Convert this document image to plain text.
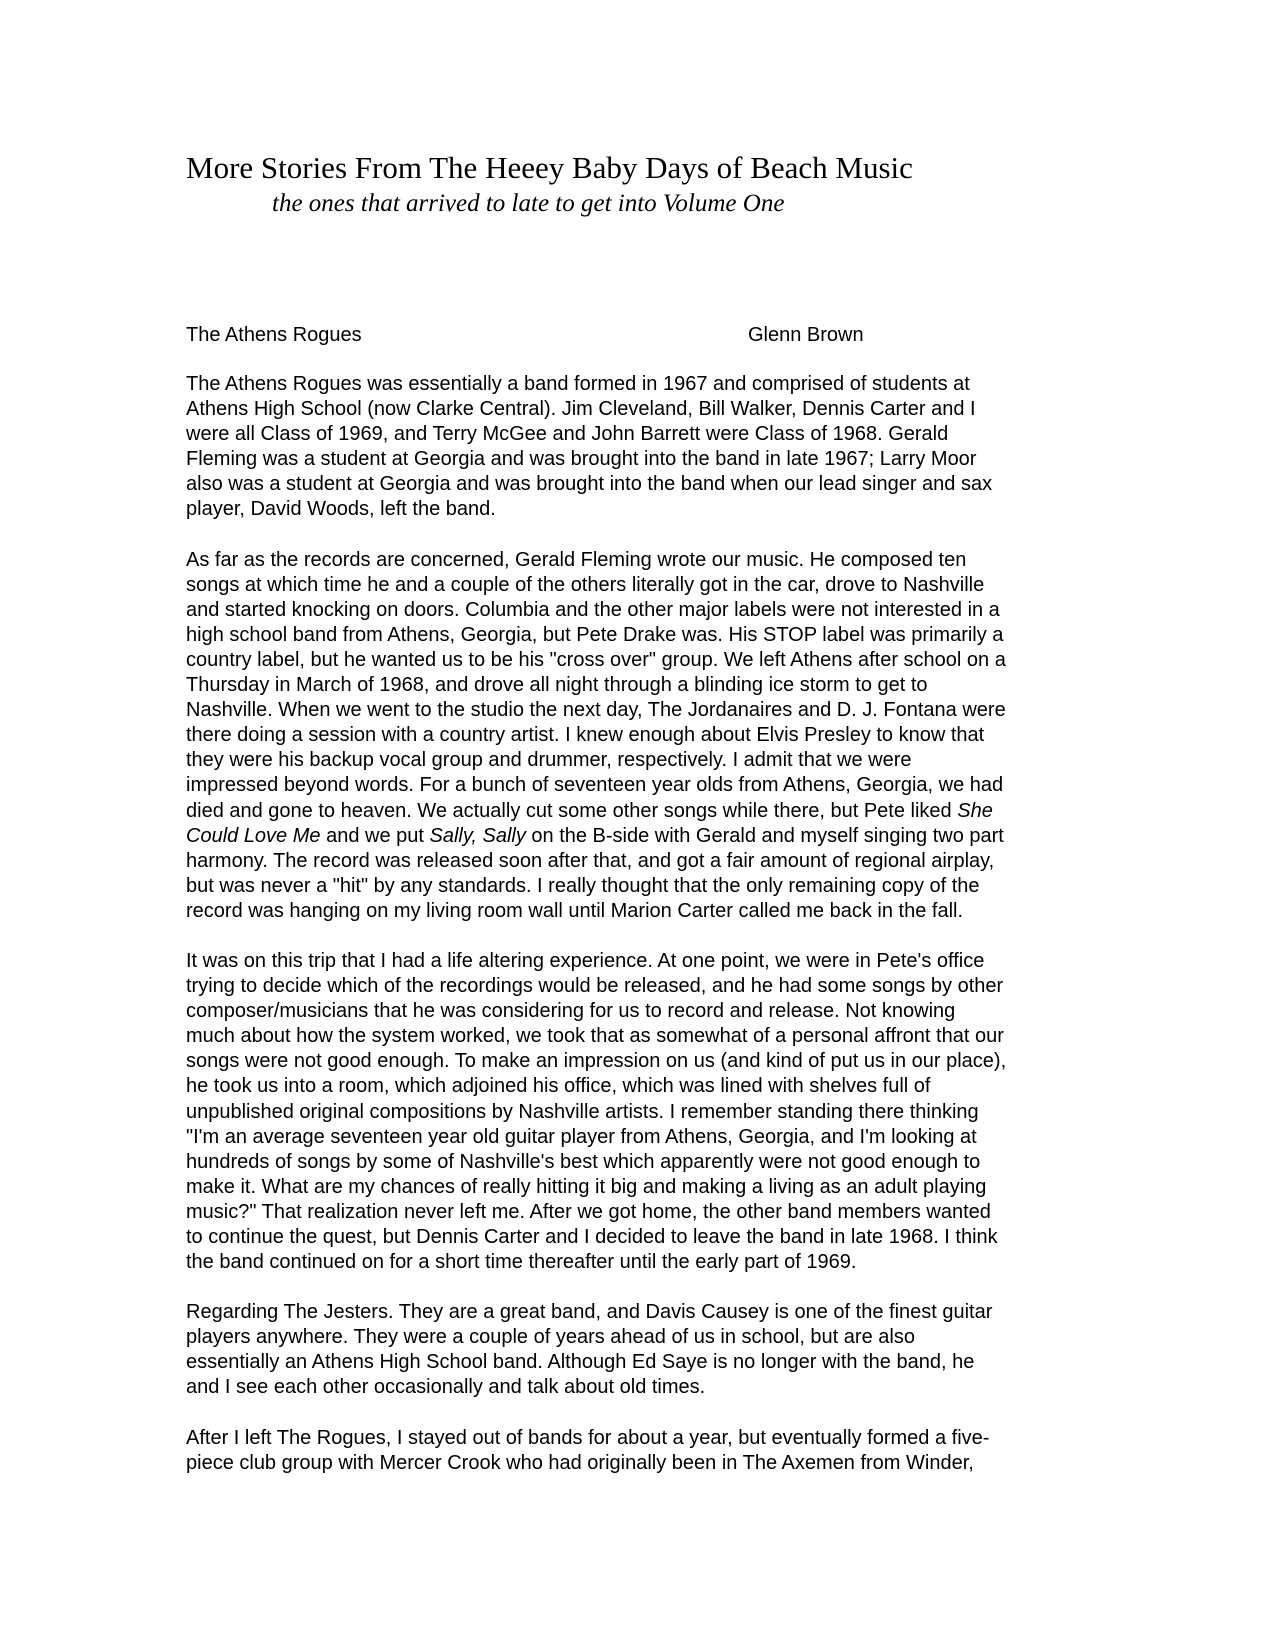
More Stories From The Heeey Baby Days of Beach Music
the ones that arrived to late to get into Volume One
The Athens Rogues	Glenn Brown

The Athens Rogues was essentially a band formed in 1967 and comprised of students at
Athens High School (now Clarke Central). Jim Cleveland, Bill Walker, Dennis Carter and I
were all Class of 1969, and Terry McGee and John Barrett were Class of 1968. Gerald
Fleming was a student at Georgia and was brought into the band in late 1967; Larry Moor
also was a student at Georgia and was brought into the band when our lead singer and sax
player, David Woods, left the band.

As far as the records are concerned, Gerald Fleming wrote our music. He composed ten
songs at which time he and a couple of the others literally got in the car, drove to Nashville
and started knocking on doors. Columbia and the other major labels were not interested in a
high school band from Athens, Georgia, but Pete Drake was. His STOP label was primarily a
country label, but he wanted us to be his "cross over" group. We left Athens after school on a
Thursday in March of 1968, and drove all night through a blinding ice storm to get to
Nashville. When we went to the studio the next day, The Jordanaires and D. J. Fontana were
there doing a session with a country artist. I knew enough about Elvis Presley to know that
they were his backup vocal group and drummer, respectively. I admit that we were
impressed beyond words. For a bunch of seventeen year olds from Athens, Georgia, we had
died and gone to heaven. We actually cut some other songs while there, but Pete liked She
Could Love Me and we put Sally, Sally on the B-side with Gerald and myself singing two part
harmony. The record was released soon after that, and got a fair amount of regional airplay,
but was never a "hit" by any standards. I really thought that the only remaining copy of the
record was hanging on my living room wall until Marion Carter called me back in the fall.

It was on this trip that I had a life altering experience. At one point, we were in Pete's office
trying to decide which of the recordings would be released, and he had some songs by other
composer/musicians that he was considering for us to record and release. Not knowing
much about how the system worked, we took that as somewhat of a personal affront that our
songs were not good enough. To make an impression on us (and kind of put us in our place),
he took us into a room, which adjoined his office, which was lined with shelves full of
unpublished original compositions by Nashville artists. I remember standing there thinking
"I'm an average seventeen year old guitar player from Athens, Georgia, and I'm looking at
hundreds of songs by some of Nashville's best which apparently were not good enough to
make it. What are my chances of really hitting it big and making a living as an adult playing
music?" That realization never left me. After we got home, the other band members wanted
to continue the quest, but Dennis Carter and I decided to leave the band in late 1968. I think
the band continued on for a short time thereafter until the early part of 1969.

Regarding The Jesters. They are a great band, and Davis Causey is one of the finest guitar
players anywhere. They were a couple of years ahead of us in school, but are also
essentially an Athens High School band. Although Ed Saye is no longer with the band, he
and I see each other occasionally and talk about old times.

After I left The Rogues, I stayed out of bands for about a year, but eventually formed a five-
piece club group with Mercer Crook who had originally been in The Axemen from Winder,
